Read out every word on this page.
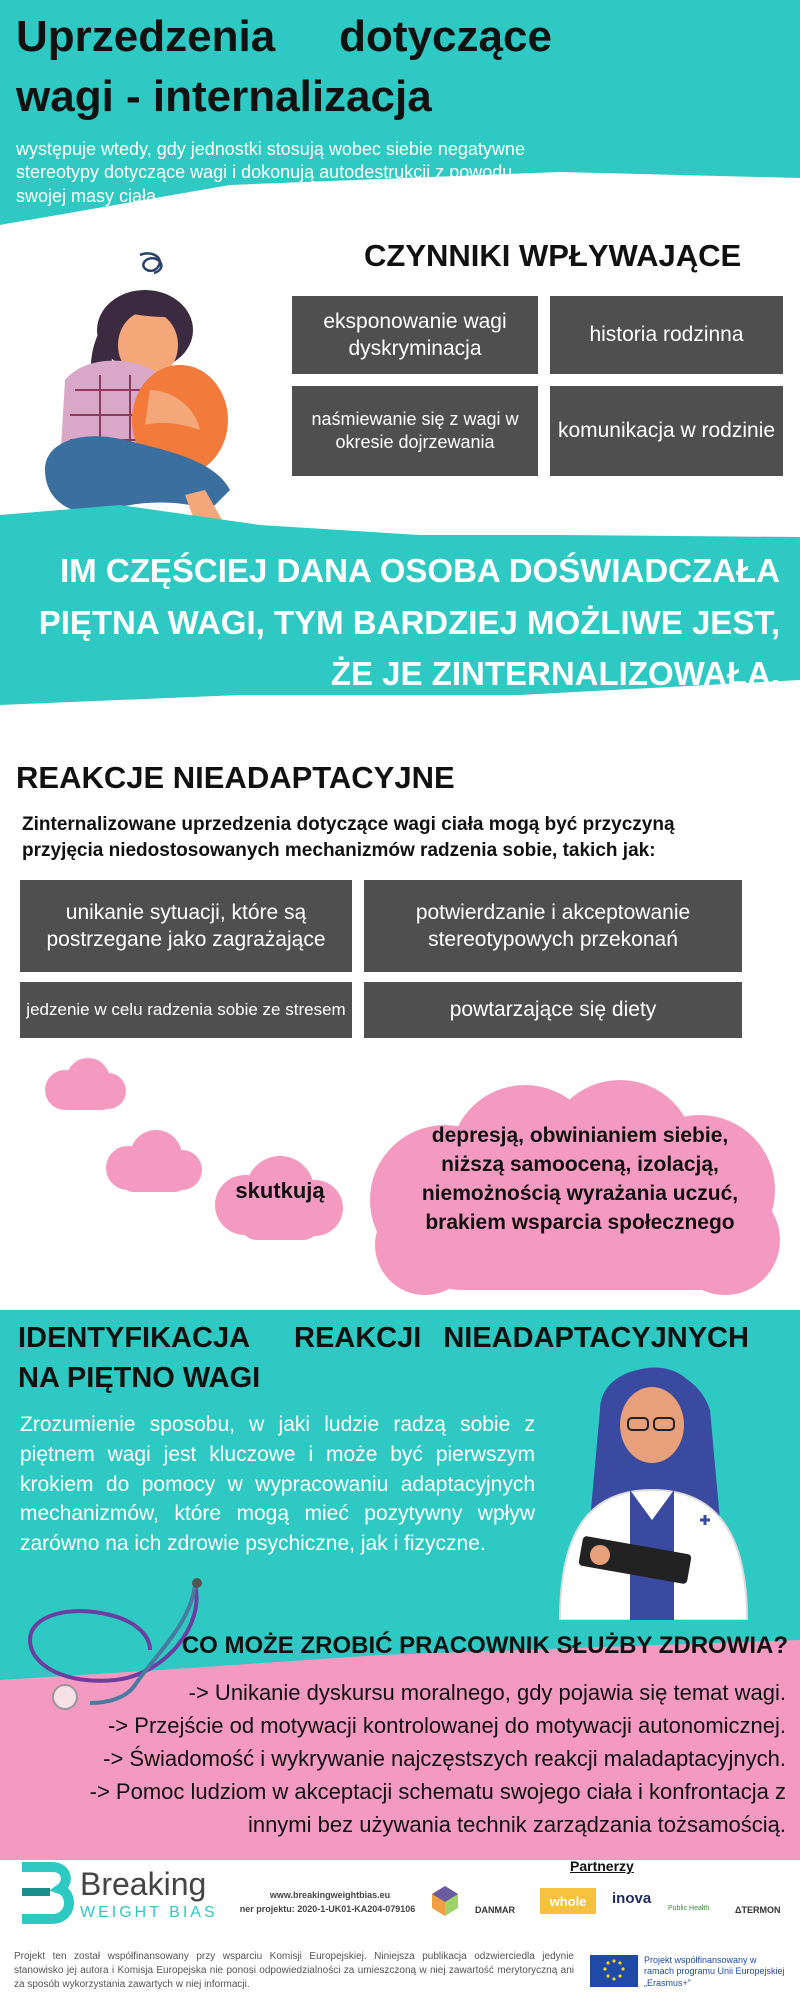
Uprzedzenia dotyczące
wagi - internalizacja
występuje wtedy, gdy jednostki stosują wobec siebie negatywne stereotypy dotyczące wagi i dokonują autodestrukcji z powodu swojej masy ciała.
CZYNNIKI WPŁYWAJĄCE
eksponowanie wagi dyskryminacja
historia rodzinna
naśmiewanie się z wagi w okresie dojrzewania	komunikacja w rodzinie
IM CZĘŚCIEJ DANA OSOBA DOŚWIADCZAŁA
PIĘTNA WAGI, TYM BARDZIEJ MOŻLIWE JEST,
ŻE JE ZINTERNALIZOWAŁA.
REAKCJE NIEADAPTACYJNE
Zinternalizowane uprzedzenia dotyczące wagi ciała mogą być przyczyną przyjęcia niedostosowanych mechanizmów radzenia sobie, takich jak:
unikanie sytuacji, które są postrzegane jako zagrażające
potwierdzanie i akceptowanie stereotypowych przekonań
jedzenie w celu radzenia sobie ze stresem	powtarzające się diety
skutkują
depresją, obwinianiem siebie, niższą samooceną, izolacją, niemożnością wyrażania uczuć, brakiem wsparcia społecznego
IDENTYFIKACJA REAKCJI NIEADAPTACYJNYCH
NA PIĘTNO WAGI
Zrozumienie sposobu, w jaki ludzie radzą sobie z piętnem wagi jest kluczowe i może być pierwszym krokiem do pomocy w wypracowaniu adaptacyjnych mechanizmów, które mogą mieć pozytywny wpływ zarówno na ich zdrowie psychiczne, jak i fizyczne.
CO MOŻE ZROBIĆ PRACOWNIK SŁUŻBY ZDROWIA?
-> Unikanie dyskursu moralnego, gdy pojawia się temat wagi.
-> Przejście od motywacji kontrolowanej do motywacji autonomicznej.
-> Świadomość i wykrywanie najczęstszych reakcji maladaptacyjnych.
-> Pomoc ludziom w akceptacji schematu swojego ciała i konfrontacja z
innymi bez używania technik zarządzania tożsamością.
Breaking
WEIGHT BIAS
www.breakingweightbias.eu
ner projektu: 2020-1-UK01-KA204-079106
Partnerzy
DANMAR
whole	inova
Public Health	ΔTERMON
Projekt ten został współfinansowany przy wsparciu Komisji Europejskiej. Niniejsza publikacja odzwierciedla jedynie stanowisko jej autora i Komisja Europejska nie ponosi odpowiedzialności za umieszczoną w niej zawartość merytoryczną ani za sposób wykorzystania zawartych w niej informacji.
Projekt współfinansowany w
ramach programu Unii Europejskiej
„Erasmus+”
